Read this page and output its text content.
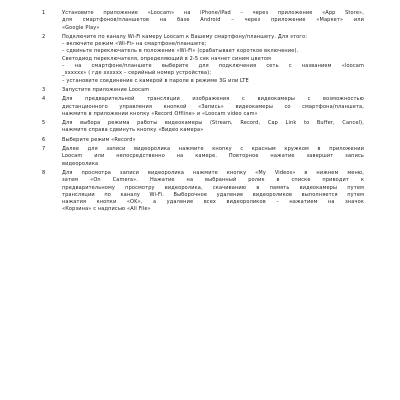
1	Установите приложение «Loocam» на iPhone/iPad – через приложение «App Store»,
для смартфонов/планшетов на базе Android – через приложение «Маркет» или
«Google Play»
2	Подключите по каналу Wi-Fi камеру Loocam к Вашему смартфону/планшету. Для этого:
– включите режим «Wi-Fi» на смартфоне/планшете;
– сдвиньте переключатель в положение «Wi-Fi» (срабатывает короткое включение).
Светодиод переключателя, определяющий в 2-5 сек начнет синим цветом
– на смартфоне/планшете выберите для подключения сеть с названием «loocam
_xxxxxx» ( где xxxxxx – серийный номер устройства);
– установите соединение с камерой в пароле в режиме 3G или LTE
3	Запустите приложение Loocam
4	Для предварительной трансляции изображения с видеокамеры с возможностью
дистанционного управления кнопкой «Запись» видеокамеры со смартфона/планшета,
нажмите в приложении кнопку «Record Offline» и «Loocam video cam»
5	Для выбора режима работы видеокамеры (Stream, Record, Cap Link to Buffer, Cancel),
нажмите справа сдвинуть кнопку «Видео камера»
6	Выберите режим «Record»
7	Далее для записи видеоролика нажмите кнопку с красным кружком в приложении
Loocam или непосредственно на камере. Повторное нажатие завершит запись
видеоролика
8	Для просмотра записи видеоролика нажмите кнопку «My Videos» в нижнем меню,
затем «On Camera». Нажатие на выбранный ролик в списке приводит к
предварительному просмотру видеоролика, скачиванию в память видеокамеры путем
трансляции по каналу Wi-Fi. Выборочное удаление видеороликов выполняется путем
нажатия кнопки «OK», а удаление всех видеороликов – нажатием на значок
«Корзина» с надписью «All File»
